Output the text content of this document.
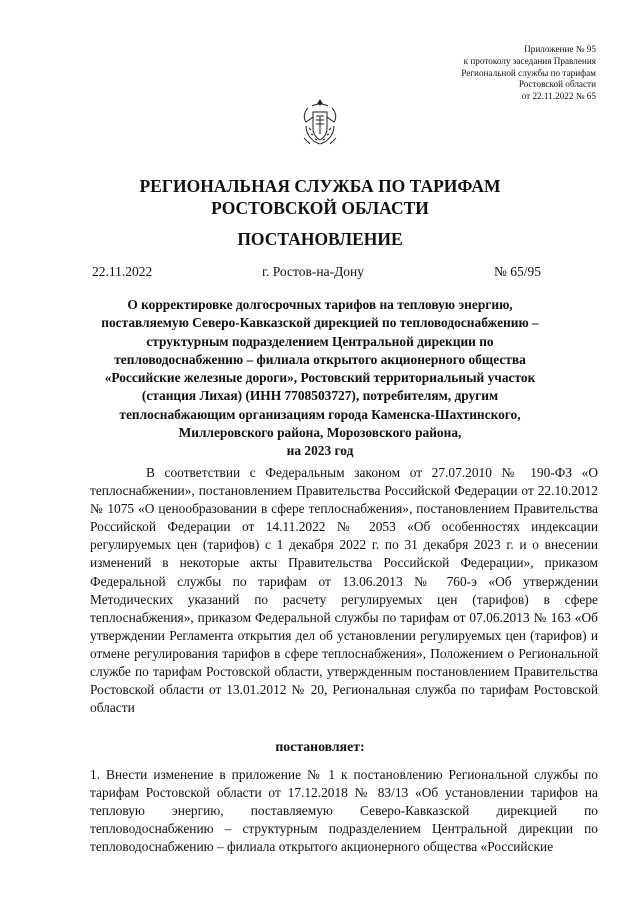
Приложение № 95
к протоколу заседания Правления
Региональной службы по тарифам
Ростовской области
от 22.11.2022 № 65
РЕГИОНАЛЬНАЯ СЛУЖБА ПО ТАРИФАМ
РОСТОВСКОЙ ОБЛАСТИ
ПОСТАНОВЛЕНИЕ
22.11.2022	г. Ростов-на-Дону	№ 65/95
О корректировке долгосрочных тарифов на тепловую энергию,
поставляемую Северо-Кавказской дирекцией по тепловодоснабжению –
структурным подразделением Центральной дирекции по
тепловодоснабжению – филиала открытого акционерного общества
«Российские железные дороги», Ростовский территориальный участок
(станция Лихая) (ИНН 7708503727), потребителям, другим
теплоснабжающим организациям города Каменска-Шахтинского,
Миллеровского района, Морозовского района,
на 2023 год
В соответствии с Федеральным законом от 27.07.2010 № 190-ФЗ «О теплоснабжении», постановлением Правительства Российской Федерации от 22.10.2012 № 1075 «О ценообразовании в сфере теплоснабжения», постановлением Правительства Российской Федерации от 14.11.2022 № 2053 «Об особенностях индексации регулируемых цен (тарифов) с 1 декабря 2022 г. по 31 декабря 2023 г. и о внесении изменений в некоторые акты Правительства Российской Федерации», приказом Федеральной службы по тарифам от 13.06.2013 № 760-э «Об утверждении Методических указаний по расчету регулируемых цен (тарифов) в сфере теплоснабжения», приказом Федеральной службы по тарифам от 07.06.2013 № 163 «Об утверждении Регламента открытия дел об установлении регулируемых цен (тарифов) и отмене регулирования тарифов в сфере теплоснабжения», Положением о Региональной службе по тарифам Ростовской области, утвержденным постановлением Правительства Ростовской области от 13.01.2012 № 20, Региональная служба по тарифам Ростовской области
постановляет:
1. Внести изменение в приложение № 1 к постановлению Региональной службы по тарифам Ростовской области от 17.12.2018 № 83/13 «Об установлении тарифов на тепловую энергию, поставляемую Северо-Кавказской дирекцией по тепловодоснабжению – структурным подразделением Центральной дирекции по тепловодоснабжению – филиала открытого акционерного общества «Российские
